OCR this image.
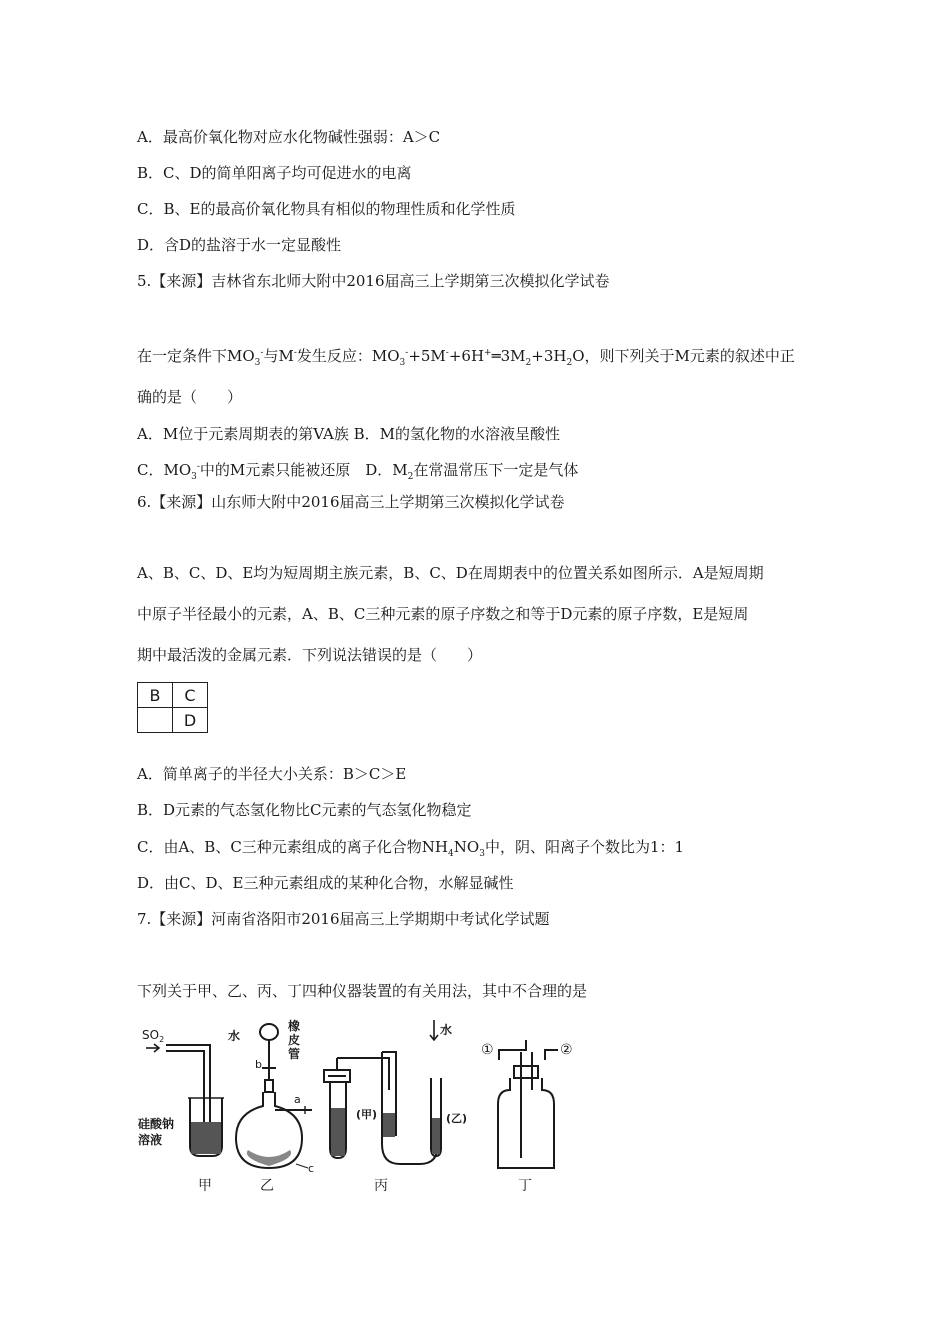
A．最高价氧化物对应水化物碱性强弱：A＞C
B．C、D的简单阳离子均可促进水的电离
C．B、E的最高价氧化物具有相似的物理性质和化学性质
D．含D的盐溶于水一定显酸性
5.【来源】吉林省东北师大附中2016届高三上学期第三次模拟化学试卷
在一定条件下$MO_3^-$与M-发生反应：$MO_3^-+5M^-+6H^+═3M_2+3H_2O$，则下列关于M元素的叙述中正
确的是（　　）
A．M位于元素周期表的第VA族 B．M的氢化物的水溶液呈酸性
C．$MO_3^-$中的M元素只能被还原　D．$M_2$在常温常压下一定是气体
6.【来源】山东师大附中2016届高三上学期第三次模拟化学试卷
A、B、C、D、E均为短周期主族元素，B、C、D在周期表中的位置关系如图所示．A是短周期
中原子半径最小的元素，A、B、C三种元素的原子序数之和等于D元素的原子序数，E是短周
期中最活泼的金属元素．下列说法错误的是（　　）
B	C
	D
A．简单离子的半径大小关系：B＞C＞E
B．D元素的气态氢化物比C元素的气态氢化物稳定
C．由A、B、C三种元素组成的离子化合物$NH_4NO_3$中，阴、阳离子个数比为1：1
D．由C、D、E三种元素组成的某种化合物，水解显碱性
7.【来源】河南省洛阳市2016届高三上学期期中考试化学试题
下列关于甲、乙、丙、丁四种仪器装置的有关用法，其中不合理的是
$SO_2$
硅酸钠
溶液
水
橡
皮
管
b
a
c
水
(甲)	(乙)
①	②
甲	乙	丙	丁
